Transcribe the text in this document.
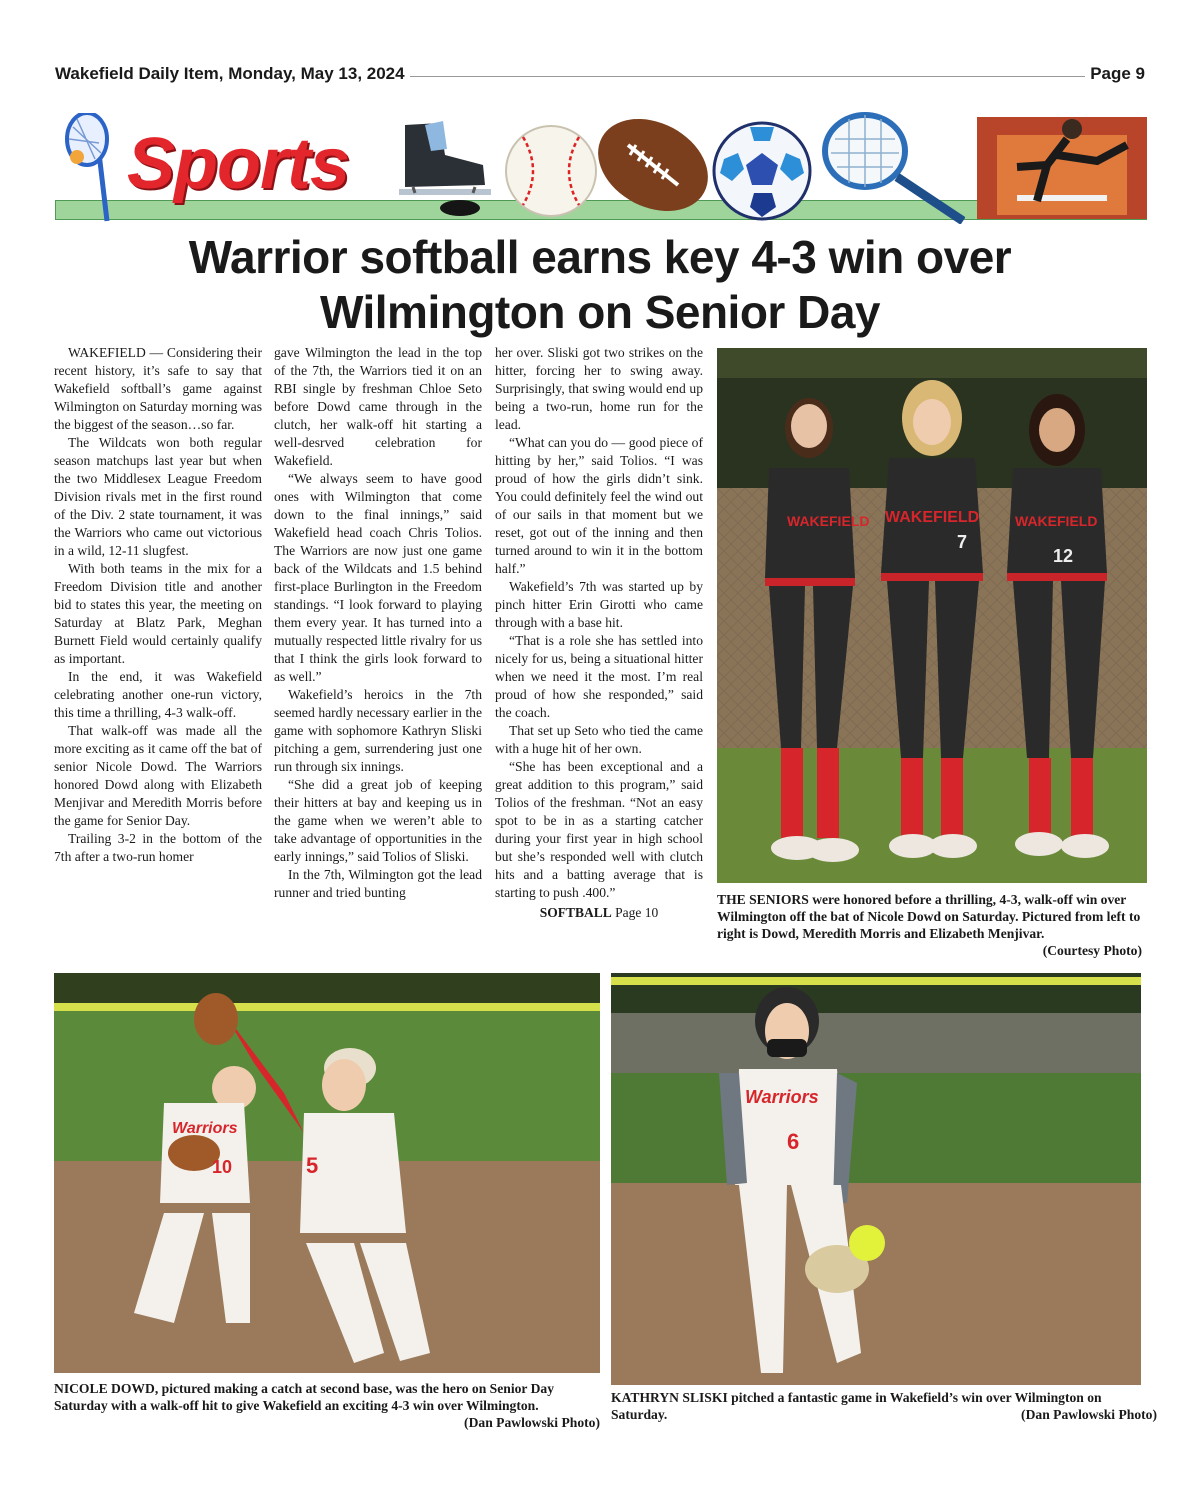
Wakefield Daily Item, Monday, May 13, 2024	Page 9
Sports
Warrior softball earns key 4-3 win over
Wilmington on Senior Day

WAKEFIELD — Considering their recent history, it’s safe to say that Wakefield softball’s game against Wilmington on Saturday morning was the biggest of the season…so far.

The Wildcats won both regular season matchups last year but when the two Middlesex League Freedom Division rivals met in the first round of the Div. 2 state tournament, it was the Warriors who came out victorious in a wild, 12-11 slugfest.

With both teams in the mix for a Freedom Division title and another bid to states this year, the meeting on Saturday at Blatz Park, Meghan Burnett Field would certainly qualify as important.

In the end, it was Wakefield celebrating another one-run victory, this time a thrilling, 4-3 walk-off.

That walk-off was made all the more exciting as it came off the bat of senior Nicole Dowd. The Warriors honored Dowd along with Elizabeth Menjivar and Meredith Morris before the game for Senior Day.

Trailing 3-2 in the bottom of the 7th after a two-run homer

gave Wilmington the lead in the top of the 7th, the Warriors tied it on an RBI single by freshman Chloe Seto before Dowd came through in the clutch, her walk-off hit starting a well-desrved celebration for Wakefield.

“We always seem to have good ones with Wilmington that come down to the final innings,” said Wakefield head coach Chris Tolios. The Warriors are now just one game back of the Wildcats and 1.5 behind first-place Burlington in the Freedom standings. “I look forward to playing them every year. It has turned into a mutually respected little rivalry for us that I think the girls look forward to as well.”

Wakefield’s heroics in the 7th seemed hardly necessary earlier in the game with sophomore Kathryn Sliski pitching a gem, surrendering just one run through six innings.

“She did a great job of keeping their hitters at bay and keeping us in the game when we weren’t able to take advantage of opportunities in the early innings,” said Tolios of Sliski.

In the 7th, Wilmington got the lead runner and tried bunting

her over. Sliski got two strikes on the hitter, forcing her to swing away. Surprisingly, that swing would end up being a two-run, home run for the lead.

“What can you do — good piece of hitting by her,” said Tolios. “I was proud of how the girls didn’t sink. You could definitely feel the wind out of our sails in that moment but we reset, got out of the inning and then turned around to win it in the bottom half.”

Wakefield’s 7th was started up by pinch hitter Erin Girotti who came through with a base hit.

“That is a role she has settled into nicely for us, being a situational hitter when we need it the most. I’m real proud of how she responded,” said the coach.

That set up Seto who tied the came with a huge hit of her own.

“She has been exceptional and a great addition to this program,” said Tolios of the freshman. “Not an easy spot to be in as a starting catcher during your first year in high school but she’s responded well with clutch hits and a batting average that is starting to push .400.”

SOFTBALL Page 10

WAKEFIELD WAKEFIELD	WAKEFIELD
7
12
THE SENIORS were honored before a thrilling, 4-3, walk-off win over Wilmington off the bat of Nicole Dowd on Saturday. Pictured from left to right is Dowd, Meredith Morris and Elizabeth Menjivar.
(Courtesy Photo)
Warriors
10	5
NICOLE DOWD, pictured making a catch at second base, was the hero on Senior Day Saturday with a walk-off hit to give Wakefield an exciting 4-3 win over Wilmington.
(Dan Pawlowski Photo)
Warriors
6
KATHRYN SLISKI pitched a fantastic game in Wakefield’s win over Wilmington on Saturday.	(Dan Pawlowski Photo)
